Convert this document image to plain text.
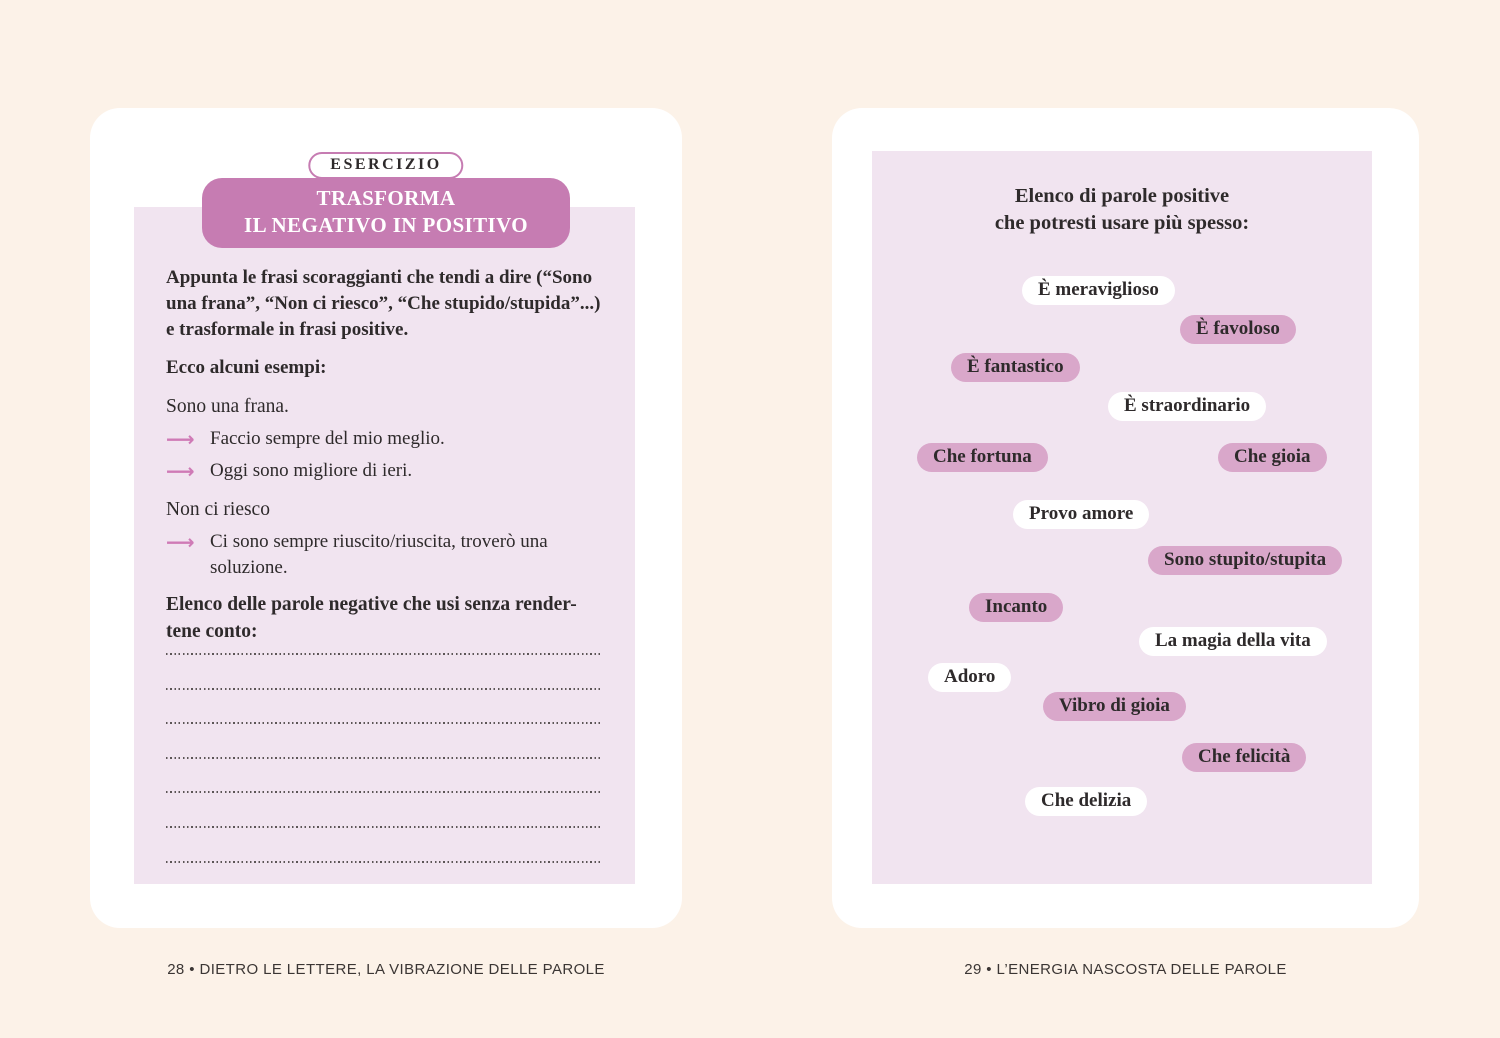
ESERCIZIO
TRASFORMA
IL NEGATIVO IN POSITIVO
Appunta le frasi scoraggianti che tendi a dire (“Sono
una frana”, “Non ci riesco”, “Che stupido/stupida”...)
e trasformale in frasi positive.
Ecco alcuni esempi:
Sono una frana.
⟶ Faccio sempre del mio meglio.
⟶ Oggi sono migliore di ieri.
Non ci riesco
⟶ Ci sono sempre riuscito/riuscita, troverò una
soluzione.
Elenco delle parole negative che usi senza render-
tene conto:
28 • DIETRO LE LETTERE, LA VIBRAZIONE DELLE PAROLE
Elenco di parole positive
che potresti usare più spesso:
È meraviglioso
È favoloso
È fantastico
È straordinario
Che fortuna	Che gioia
Provo amore
Sono stupito/stupita
Incanto
La magia della vita
Adoro
Vibro di gioia
Che felicità
Che delizia
29 • L’ENERGIA NASCOSTA DELLE PAROLE
